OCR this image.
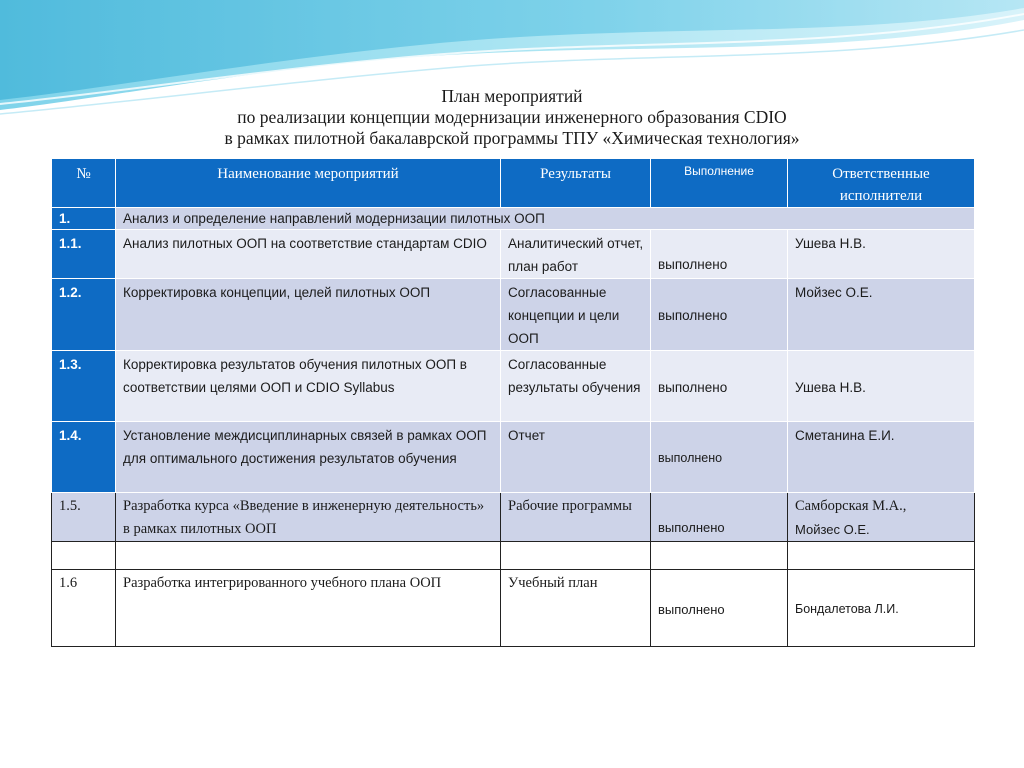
План мероприятий
по реализации концепции модернизации инженерного образования CDIO
в рамках пилотной бакалаврской программы ТПУ «Химическая технология»
№	Наименование мероприятий	Результаты	Выполнение	Ответственные исполнители
1.	Анализ и определение направлений модернизации пилотных ООП			
1.1.	Анализ пилотных ООП на соответствие стандартам CDIO	Аналитический отчет, план работ	выполнено	Ушева Н.В.
1.2.	Корректировка концепции, целей пилотных ООП	Согласованные концепции и цели ООП	выполнено	Мойзес О.Е.
1.3.	Корректировка результатов обучения пилотных ООП в соответствии целями ООП и CDIO Syllabus	Согласованные результаты обучения	выполнено	Ушева Н.В.
1.4.	Установление междисциплинарных связей в рамках ООП для оптимального достижения результатов обучения	Отчет	выполнено	Сметанина Е.И.
1.5.	Разработка курса «Введение в инженерную деятельность» в рамках пилотных ООП	Рабочие программы	выполнено	Самборская М.А.,
Мойзес О.Е.

1.6	Разработка интегрированного учебного плана ООП	Учебный план	выполнено	Бондалетова Л.И.
